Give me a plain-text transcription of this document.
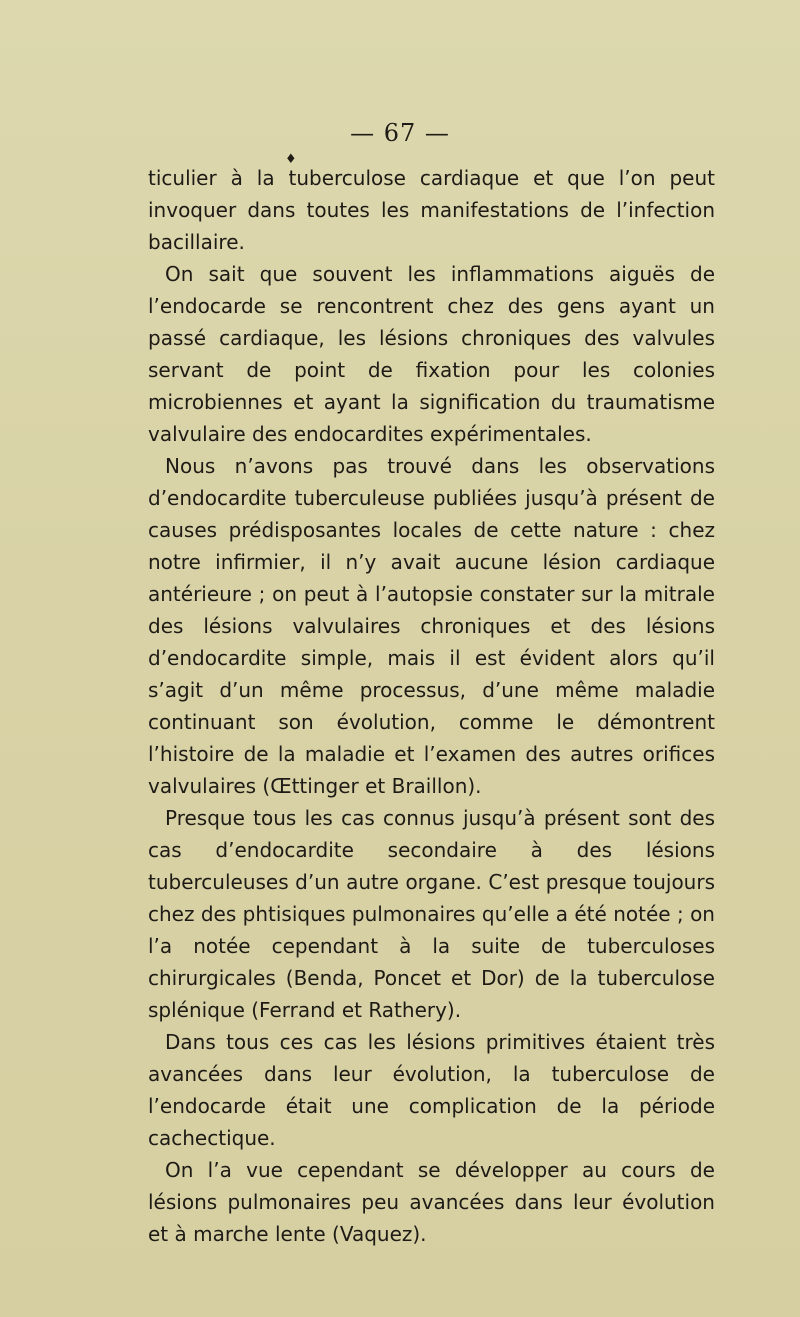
— 67 —
♦

ticulier à la tuberculose cardiaque et que l’on peut invoquer dans toutes les manifestations de l’infection bacillaire.

On sait que souvent les inflammations aiguës de l’endocarde se rencontrent chez des gens ayant un passé cardiaque, les lésions chroniques des valvules servant de point de fixation pour les colonies microbiennes et ayant la signification du traumatisme valvulaire des endocardites expérimentales.

Nous n’avons pas trouvé dans les observations d’endocardite tuberculeuse publiées jusqu’à présent de causes prédisposantes locales de cette nature : chez notre infirmier, il n’y avait aucune lésion cardiaque antérieure ; on peut à l’autopsie constater sur la mitrale des lésions valvulaires chroniques et des lésions d’endocardite simple, mais il est évident alors qu’il s’agit d’un même processus, d’une même maladie continuant son évolution, comme le démontrent l’histoire de la maladie et l’examen des autres orifices valvulaires (Œttinger et Braillon).

Presque tous les cas connus jusqu’à présent sont des cas d’endocardite secondaire à des lésions tuberculeuses d’un autre organe. C’est presque toujours chez des phtisiques pulmonaires qu’elle a été notée ; on l’a notée cependant à la suite de tuberculoses chirurgicales (Benda, Poncet et Dor) de la tuberculose splénique (Ferrand et Rathery).

Dans tous ces cas les lésions primitives étaient très avancées dans leur évolution, la tuberculose de l’endocarde était une complication de la période cachectique.

On l’a vue cependant se développer au cours de lésions pulmonaires peu avancées dans leur évolution et à marche lente (Vaquez).
